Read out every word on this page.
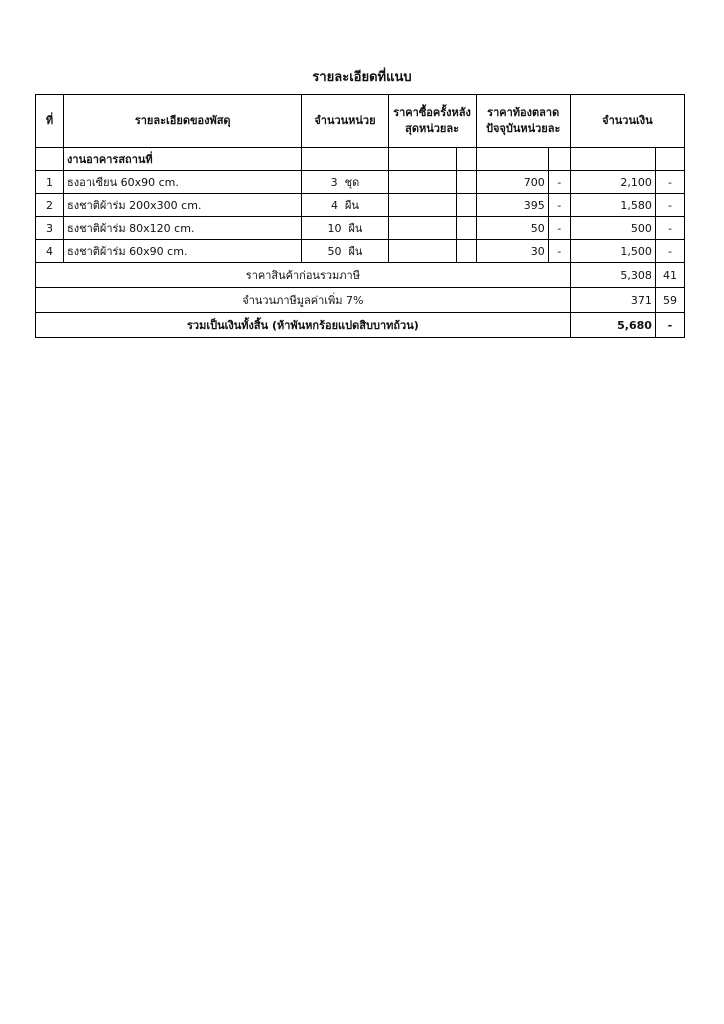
รายละเอียดที่แนบ
ที่	รายละเอียดของพัสดุ	จำนวนหน่วย	ราคาซื้อครั้งหลังสุดหน่วยละ		ราคาท้องตลาดปัจจุบันหน่วยละ		จำนวนเงิน	
	งานอาคารสถานที่							
1	ธงอาเซียน 60x90 cm.	3 ชุด			700	-	2,100	-
2	ธงชาติผ้าร่ม 200x300 cm.	4 ผืน			395	-	1,580	-
3	ธงชาติผ้าร่ม 80x120 cm.	10 ผืน			50	-	500	-
4	ธงชาติผ้าร่ม 60x90 cm.	50 ผืน			30	-	1,500	-
ราคาสินค้าก่อนรวมภาษี							5,308	41
จำนวนภาษีมูลค่าเพิ่ม 7%							371	59
รวมเป็นเงินทั้งสิ้น (ห้าพันหกร้อยแปดสิบบาทถ้วน)							5,680	-
